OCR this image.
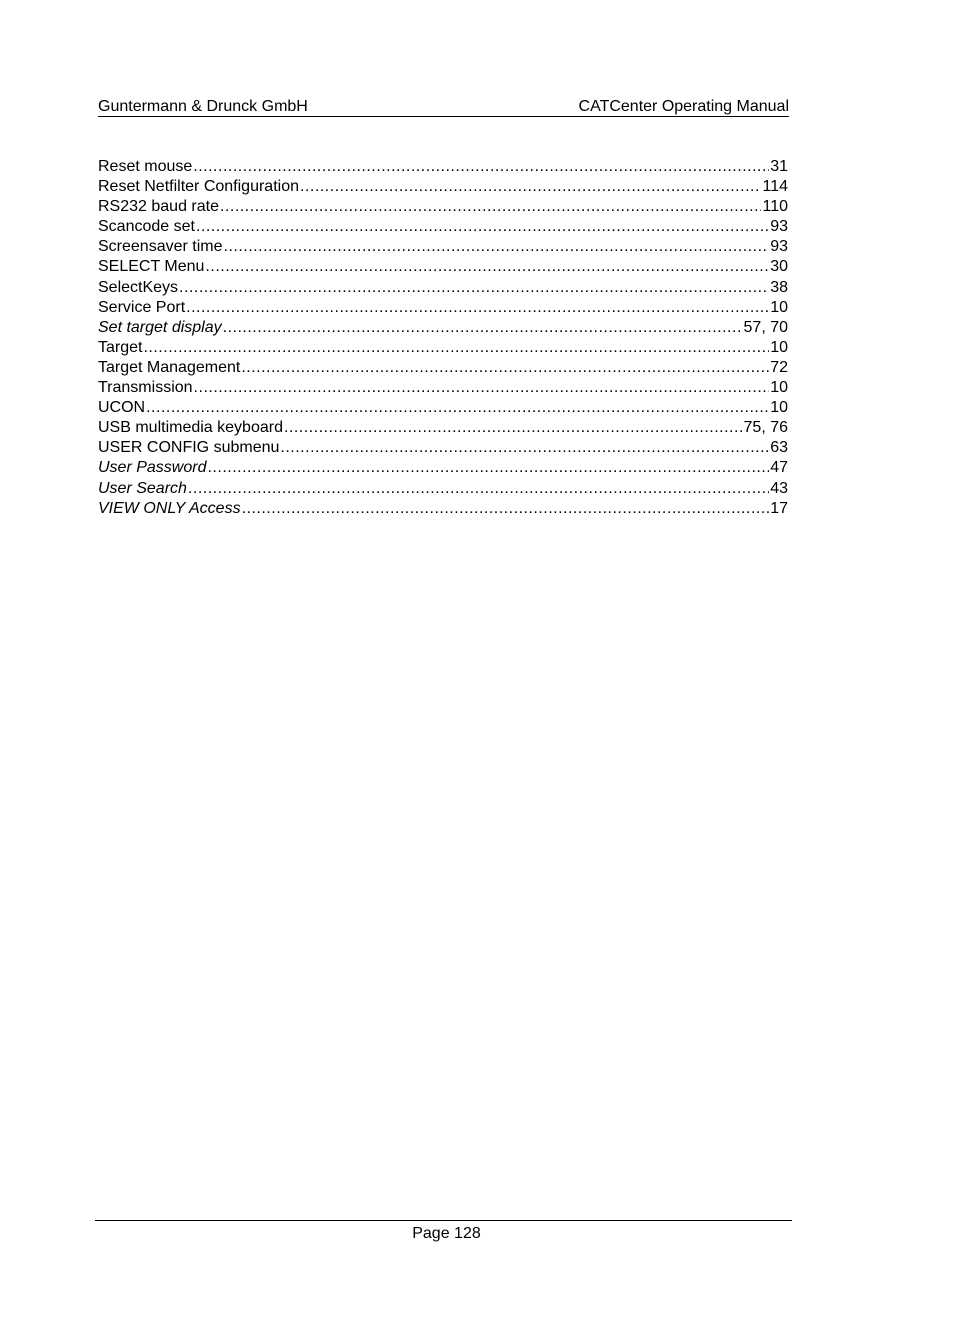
Guntermann & Drunck GmbH	CATCenter Operating Manual
Reset mouse .....	31
Reset Netfilter Configuration .....	114
RS232 baud rate .....	110
Scancode set .....	93
Screensaver time .....	93
SELECT Menu .....	30
SelectKeys .....	38
Service Port .....	10
Set target display .....	57, 70
Target .....	10
Target Management .....	72
Transmission .....	10
UCON .....	10
USB multimedia keyboard .....	75, 76
USER CONFIG submenu .....	63
User Password .....	47
User Search .....	43
VIEW ONLY Access .....	17
Page 128
